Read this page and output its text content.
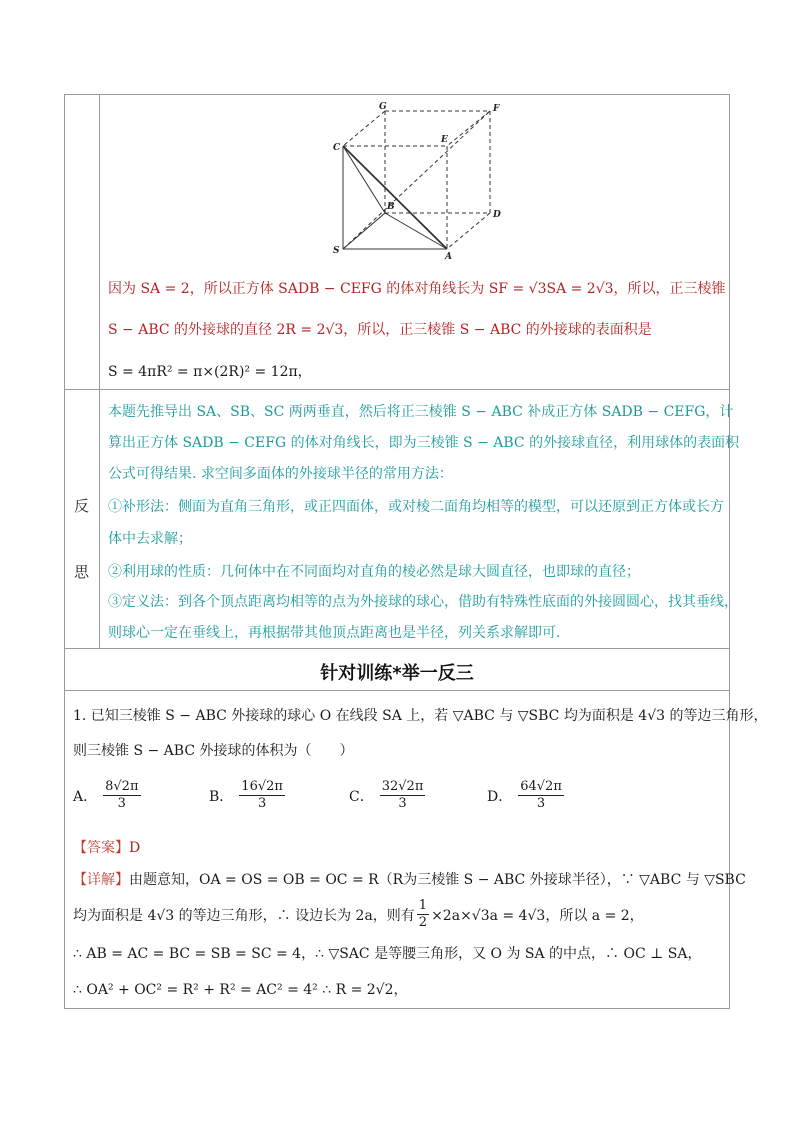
G	F
C
E
B
D
S
A
因为 SA = 2，所以正方体 SADB − CEFG 的体对角线长为 SF = √3SA = 2√3，所以，正三棱锥
S − ABC 的外接球的直径 2R = 2√3，所以，正三棱锥 S − ABC 的外接球的表面积是
S = 4πR² = π×(2R)² = 12π，
反
思
本题先推导出 SA、SB、SC 两两垂直，然后将正三棱锥 S − ABC 补成正方体 SADB − CEFG，计
算出正方体 SADB − CEFG 的体对角线长，即为三棱锥 S − ABC 的外接球直径，利用球体的表面积
公式可得结果. 求空间多面体的外接球半径的常用方法：
①补形法：侧面为直角三角形，或正四面体，或对棱二面角均相等的模型，可以还原到正方体或长方
体中去求解；
②利用球的性质：几何体中在不同面均对直角的棱必然是球大圆直径，也即球的直径；
③定义法：到各个顶点距离均相等的点为外接球的球心，借助有特殊性底面的外接圆圆心，找其垂线，
则球心一定在垂线上，再根据带其他顶点距离也是半径，列关系求解即可.
针对训练*举一反三
1. 已知三棱锥 S − ABC 外接球的球心 O 在线段 SA 上，若 ▽ABC 与 ▽SBC 均为面积是 4√3 的等边三角形，
则三棱锥 S − ABC 外接球的体积为（　　）
A． $\frac{8√2\pi}{3}$	B． $\frac{16√2\pi}{3}$	C． $\frac{32√2\pi}{3}$	D． $\frac{64√2\pi}{3}$
【答案】D
【详解】由题意知，OA = OS = OB = OC = R（R为三棱锥 S − ABC 外接球半径），∵ ▽ABC 与 ▽SBC
均为面积是 4√3 的等边三角形，∴ 设边长为 2a，则有 $\frac{1}{2} \times 2a\times√3a = 4√3$，所以 a = 2，
∴ AB = AC = BC = SB = SC = 4，∴ ▽SAC 是等腰三角形，又 O 为 SA 的中点，∴ OC ⊥ SA，
∴ OA² + OC² = R² + R² = AC² = 4² ∴ R = 2√2，
